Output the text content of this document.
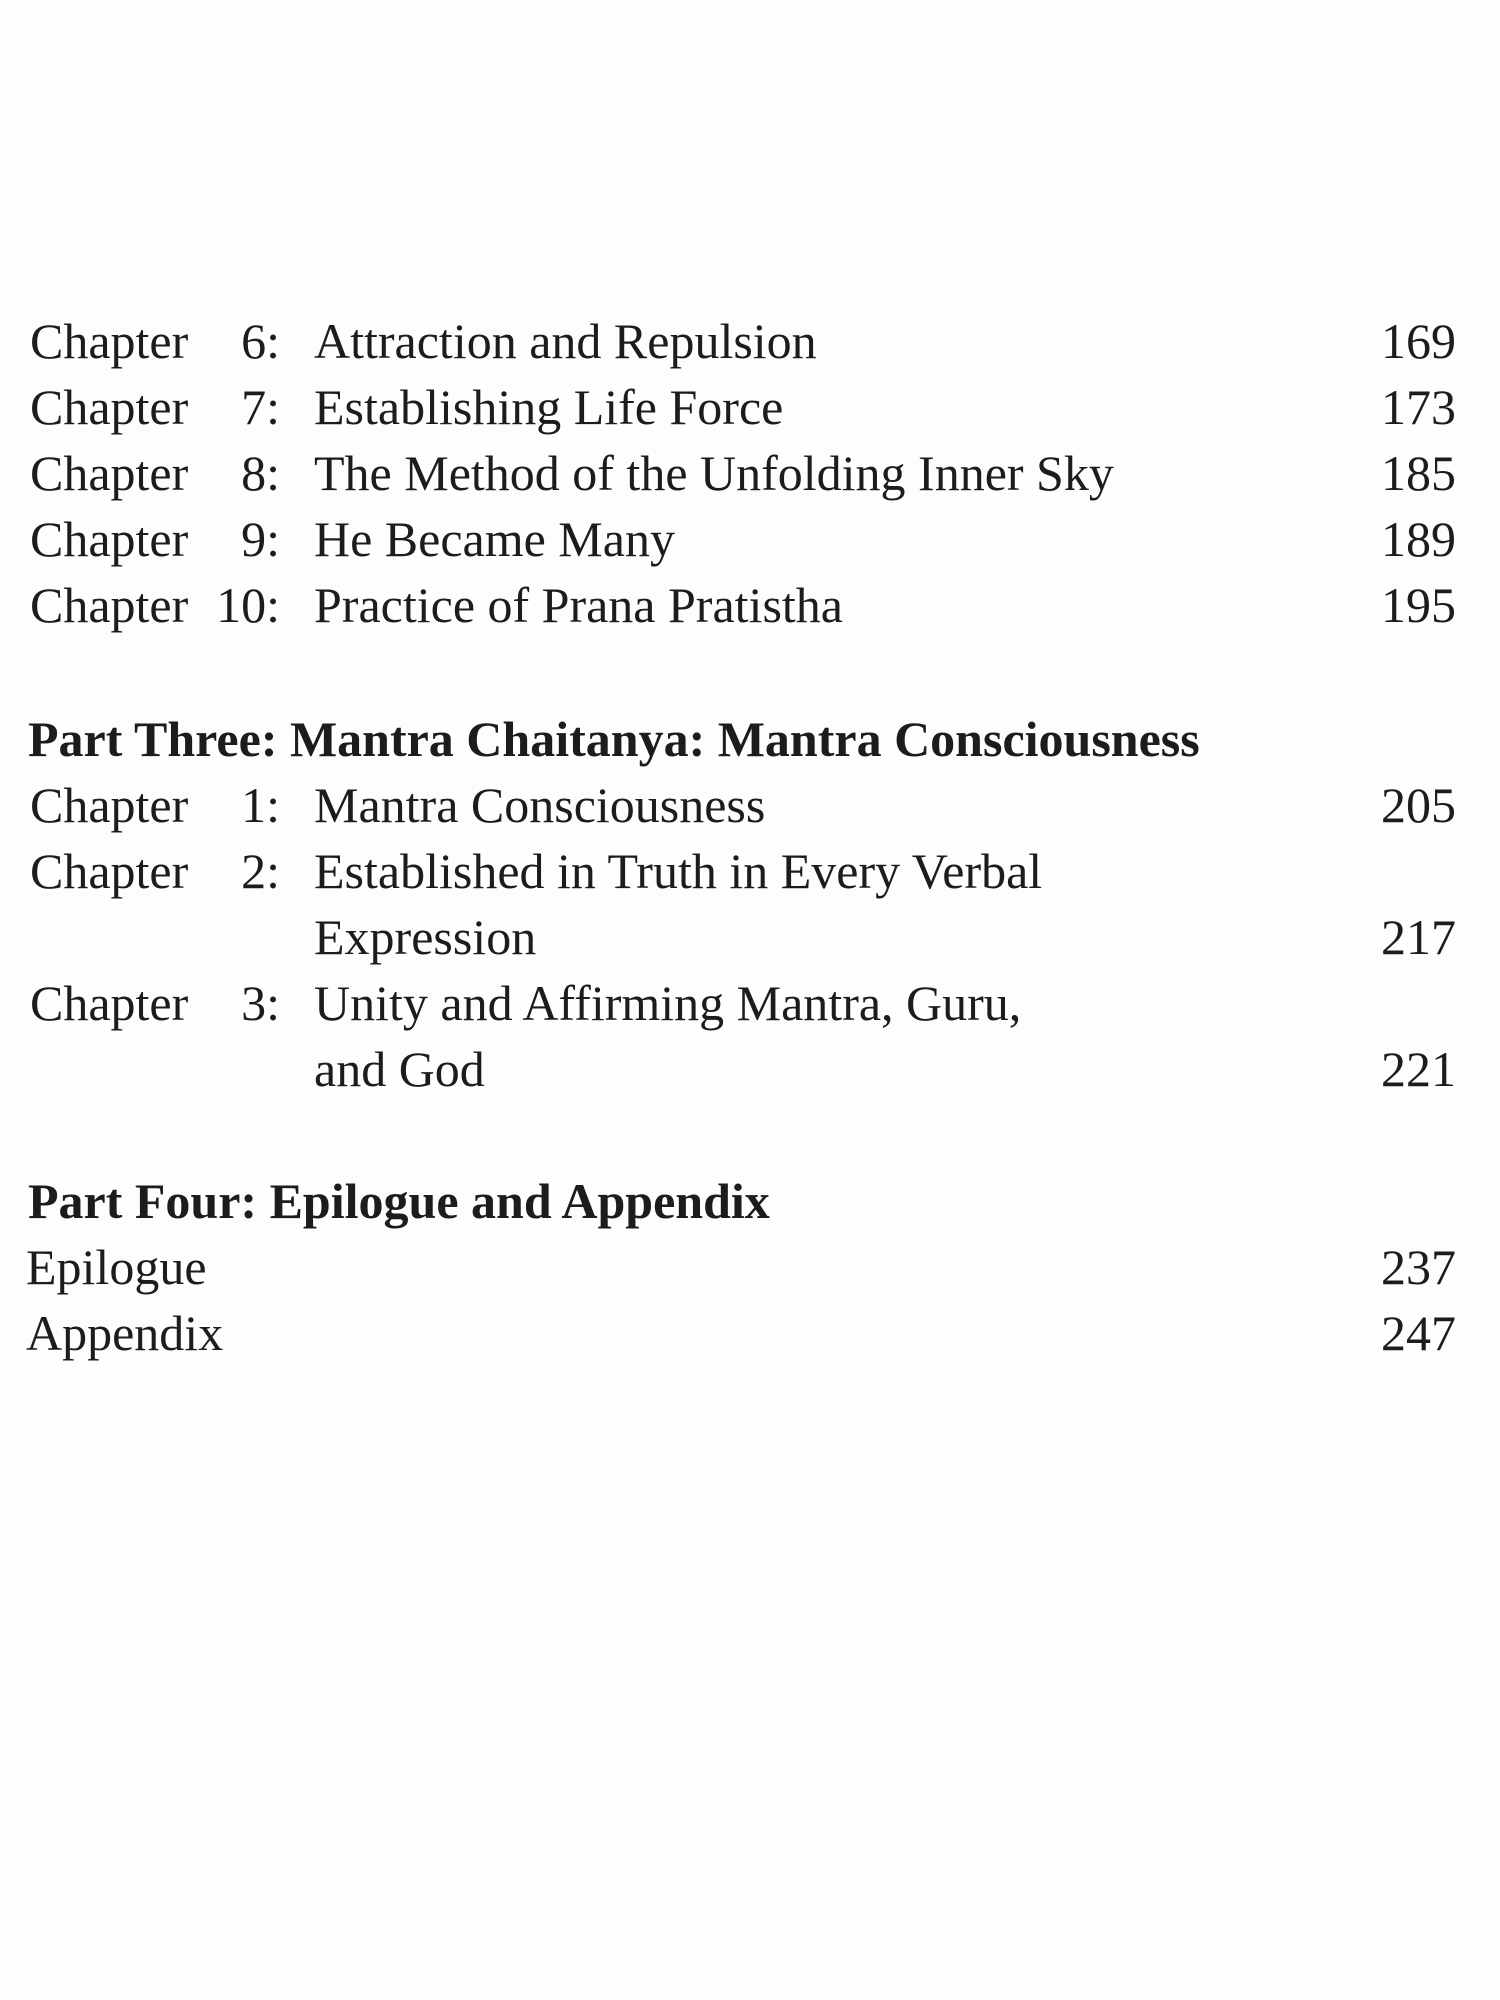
Chapter	6: Attraction and Repulsion	169
Chapter	7: Establishing Life Force	173
Chapter	8: The Method of the Unfolding Inner Sky	185
Chapter	9: He Became Many	189
Chapter 10: Practice of Prana Pratistha	195
Part Three: Mantra Chaitanya: Mantra Consciousness
Chapter	1: Mantra Consciousness	205
Chapter	2: Established in Truth in Every Verbal
Expression	217
Chapter	3: Unity and Affirming Mantra, Guru,
and God	221
Part Four: Epilogue and Appendix
Epilogue	237
Appendix	247
